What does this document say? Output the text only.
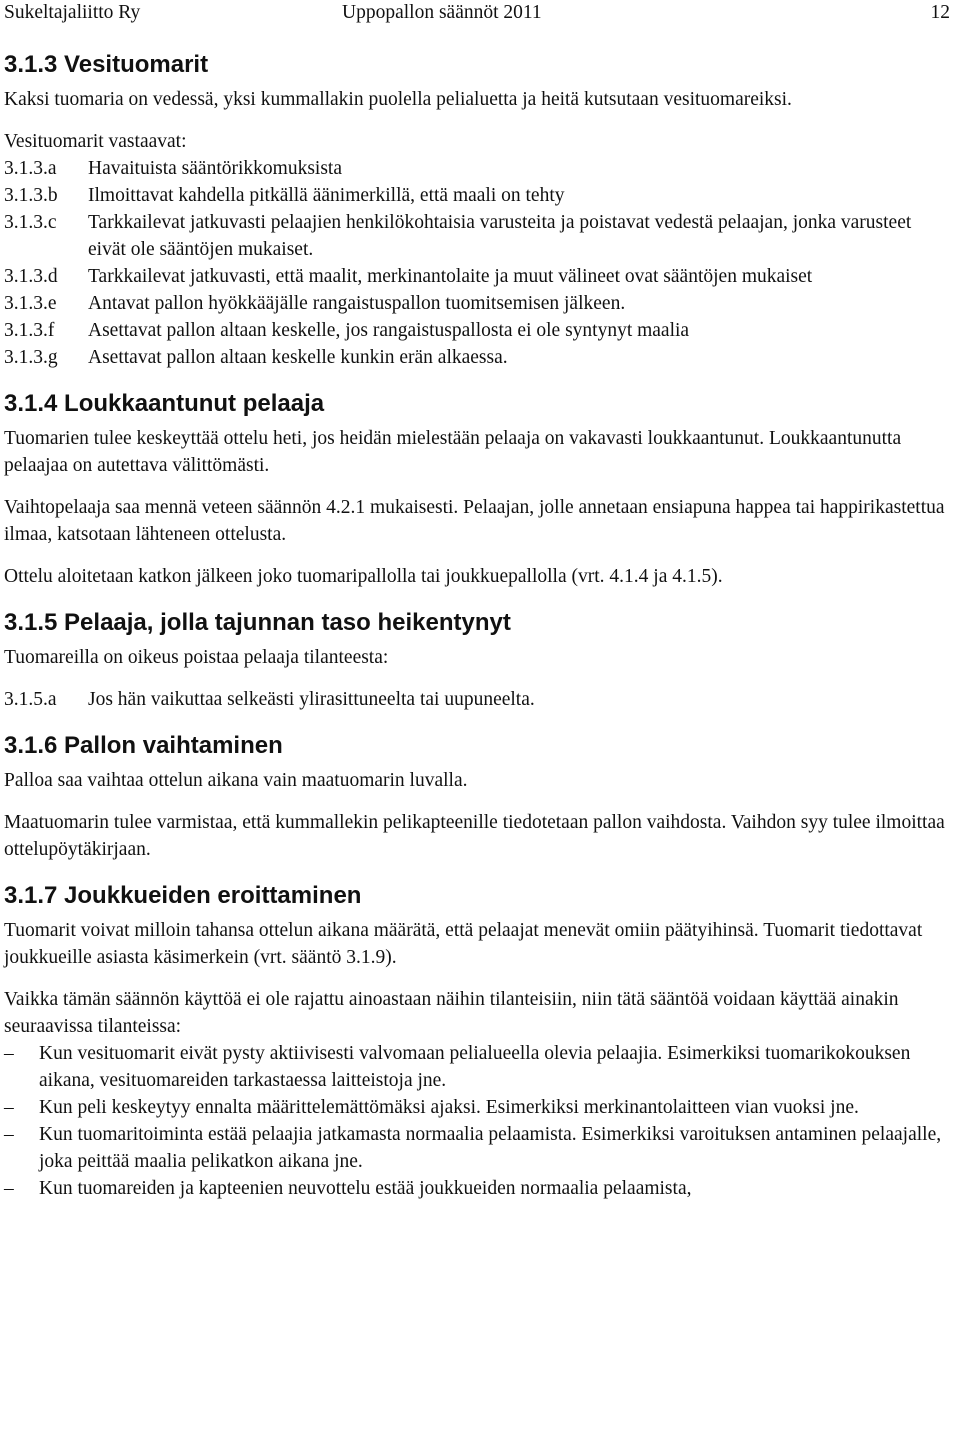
Sukeltajaliitto Ry	Uppopallon säännöt 2011	12
3.1.3 Vesituomarit

Kaksi tuomaria on vedessä, yksi kummallakin puolella pelialuetta ja heitä kutsutaan vesituomareiksi.

Vesituomarit vastaavat:

3.1.3.a	Havaituista sääntörikkomuksista
3.1.3.b	Ilmoittavat kahdella pitkällä äänimerkillä, että maali on tehty
3.1.3.c	Tarkkailevat jatkuvasti pelaajien henkilökohtaisia varusteita ja poistavat vedestä pelaajan, jonka varusteet eivät ole sääntöjen mukaiset.
3.1.3.d	Tarkkailevat jatkuvasti, että maalit, merkinantolaite ja muut välineet ovat sääntöjen mukaiset
3.1.3.e	Antavat pallon hyökkääjälle rangaistuspallon tuomitsemisen jälkeen.
3.1.3.f	Asettavat pallon altaan keskelle, jos rangaistuspallosta ei ole syntynyt maalia
3.1.3.g	Asettavat pallon altaan keskelle kunkin erän alkaessa.
3.1.4 Loukkaantunut pelaaja

Tuomarien tulee keskeyttää ottelu heti, jos heidän mielestään pelaaja on vakavasti loukkaantunut. Loukkaantunutta pelaajaa on autettava välittömästi.

Vaihtopelaaja saa mennä veteen säännön 4.2.1 mukaisesti. Pelaajan, jolle annetaan ensiapuna happea tai happirikastettua ilmaa, katsotaan lähteneen ottelusta.

Ottelu aloitetaan katkon jälkeen joko tuomaripallolla tai joukkuepallolla (vrt. 4.1.4 ja 4.1.5).

3.1.5 Pelaaja, jolla tajunnan taso heikentynyt

Tuomareilla on oikeus poistaa pelaaja tilanteesta:

3.1.5.a	Jos hän vaikuttaa selkeästi ylirasittuneelta tai uupuneelta.
3.1.6 Pallon vaihtaminen

Palloa saa vaihtaa ottelun aikana vain maatuomarin luvalla.

Maatuomarin tulee varmistaa, että kummallekin pelikapteenille tiedotetaan pallon vaihdosta. Vaihdon syy tulee ilmoittaa ottelupöytäkirjaan.

3.1.7 Joukkueiden eroittaminen

Tuomarit voivat milloin tahansa ottelun aikana määrätä, että pelaajat menevät omiin päätyihinsä. Tuomarit tiedottavat joukkueille asiasta käsimerkein (vrt. sääntö 3.1.9).

Vaikka tämän säännön käyttöä ei ole rajattu ainoastaan näihin tilanteisiin, niin tätä sääntöä voidaan käyttää ainakin seuraavissa tilanteissa:

–	Kun vesituomarit eivät pysty aktiivisesti valvomaan pelialueella olevia pelaajia. Esimerkiksi tuomarikokouksen aikana, vesituomareiden tarkastaessa laitteistoja jne.
–	Kun peli keskeytyy ennalta määrittelemättömäksi ajaksi. Esimerkiksi merkinantolaitteen vian vuoksi jne.
–	Kun tuomaritoiminta estää pelaajia jatkamasta normaalia pelaamista. Esimerkiksi varoituksen antaminen pelaajalle, joka peittää maalia pelikatkon aikana jne.
–	Kun tuomareiden ja kapteenien neuvottelu estää joukkueiden normaalia pelaamista,
